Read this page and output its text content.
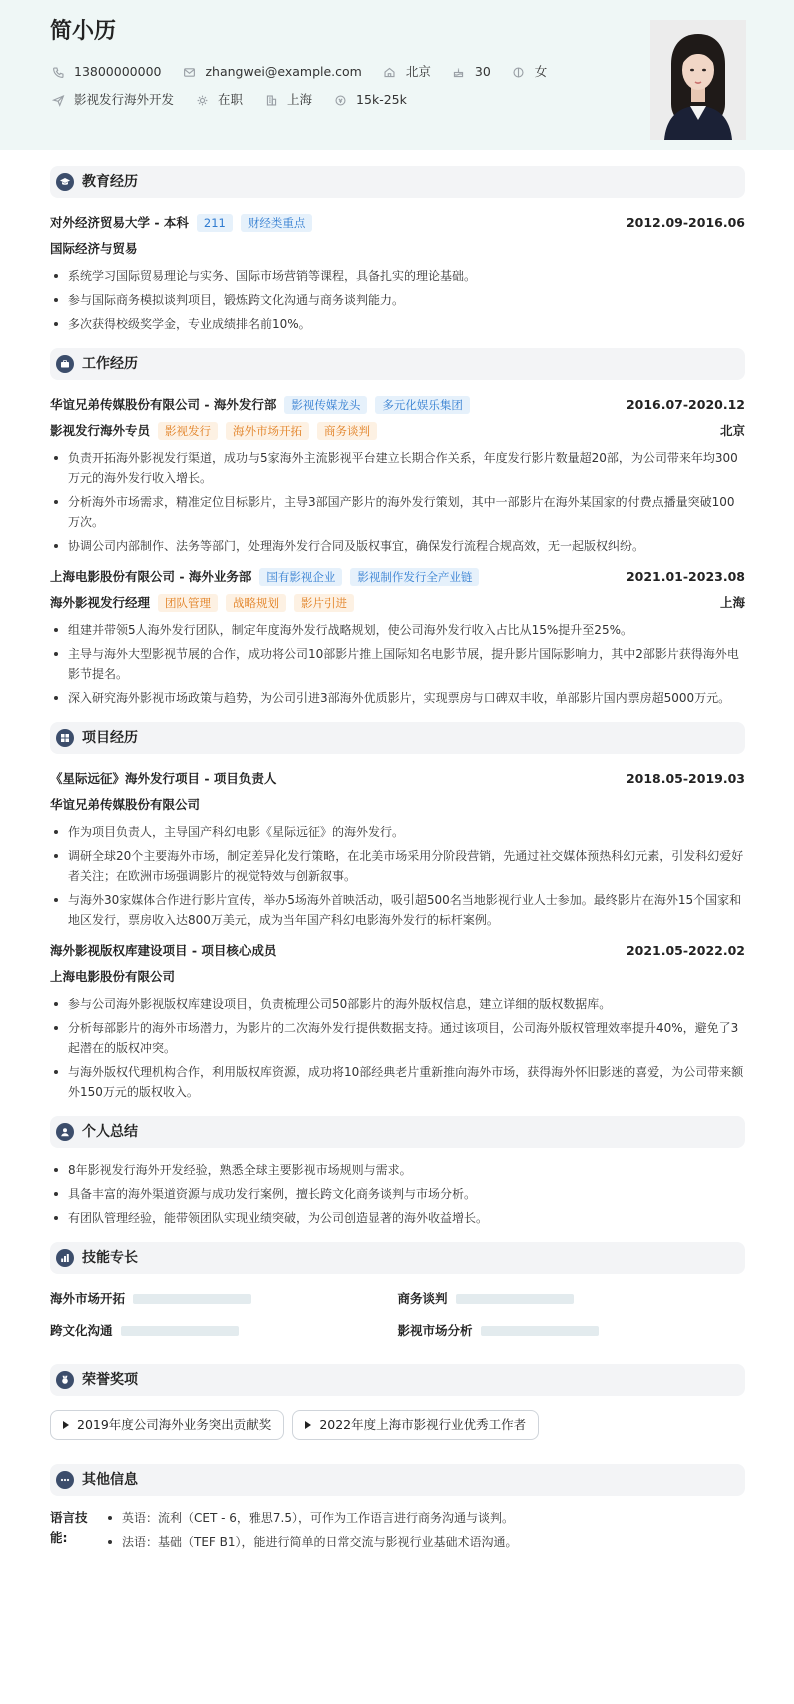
简小历
13800000000	zhangwei@example.com	北京	30	女
影视发行海外开发	在职	上海	15k-25k
教育经历
对外经济贸易大学 - 本科	211	财经类重点	2012.09-2016.06
国际经济与贸易
系统学习国际贸易理论与实务、国际市场营销等课程，具备扎实的理论基础。
参与国际商务模拟谈判项目，锻炼跨文化沟通与商务谈判能力。
多次获得校级奖学金，专业成绩排名前10%。
工作经历
华谊兄弟传媒股份有限公司 - 海外发行部	影视传媒龙头	多元化娱乐集团	2016.07-2020.12
影视发行海外专员	影视发行	海外市场开拓	商务谈判	北京
负责开拓海外影视发行渠道，成功与5家海外主流影视平台建立长期合作关系，年度发行影片数量超20部，为公司带来年均300万元的海外发行收入增长。
分析海外市场需求，精准定位目标影片，主导3部国产影片的海外发行策划，其中一部影片在海外某国家的付费点播量突破100万次。
协调公司内部制作、法务等部门，处理海外发行合同及版权事宜，确保发行流程合规高效，无一起版权纠纷。
上海电影股份有限公司 - 海外业务部	国有影视企业	影视制作发行全产业链	2021.01-2023.08
海外影视发行经理	团队管理	战略规划	影片引进	上海
组建并带领5人海外发行团队，制定年度海外发行战略规划，使公司海外发行收入占比从15%提升至25%。
主导与海外大型影视节展的合作，成功将公司10部影片推上国际知名电影节展，提升影片国际影响力，其中2部影片获得海外电影节提名。
深入研究海外影视市场政策与趋势，为公司引进3部海外优质影片，实现票房与口碑双丰收，单部影片国内票房超5000万元。
项目经历
《星际远征》海外发行项目 - 项目负责人	2018.05-2019.03
华谊兄弟传媒股份有限公司
作为项目负责人，主导国产科幻电影《星际远征》的海外发行。
调研全球20个主要海外市场，制定差异化发行策略，在北美市场采用分阶段营销，先通过社交媒体预热科幻元素，引发科幻爱好者关注；在欧洲市场强调影片的视觉特效与创新叙事。
与海外30家媒体合作进行影片宣传，举办5场海外首映活动，吸引超500名当地影视行业人士参加。最终影片在海外15个国家和地区发行，票房收入达800万美元，成为当年国产科幻电影海外发行的标杆案例。
海外影视版权库建设项目 - 项目核心成员	2021.05-2022.02
上海电影股份有限公司
参与公司海外影视版权库建设项目，负责梳理公司50部影片的海外版权信息，建立详细的版权数据库。
分析每部影片的海外市场潜力，为影片的二次海外发行提供数据支持。通过该项目，公司海外版权管理效率提升40%，避免了3起潜在的版权冲突。
与海外版权代理机构合作，利用版权库资源，成功将10部经典老片重新推向海外市场，获得海外怀旧影迷的喜爱，为公司带来额外150万元的版权收入。
个人总结
8年影视发行海外开发经验，熟悉全球主要影视市场规则与需求。
具备丰富的海外渠道资源与成功发行案例，擅长跨文化商务谈判与市场分析。
有团队管理经验，能带领团队实现业绩突破，为公司创造显著的海外收益增长。
技能专长
海外市场开拓	商务谈判
跨文化沟通	影视市场分析
荣誉奖项
2019年度公司海外业务突出贡献奖	2022年度上海市影视行业优秀工作者
其他信息
语言技能:
英语：流利（CET - 6，雅思7.5），可作为工作语言进行商务沟通与谈判。
法语：基础（TEF B1），能进行简单的日常交流与影视行业基础术语沟通。
